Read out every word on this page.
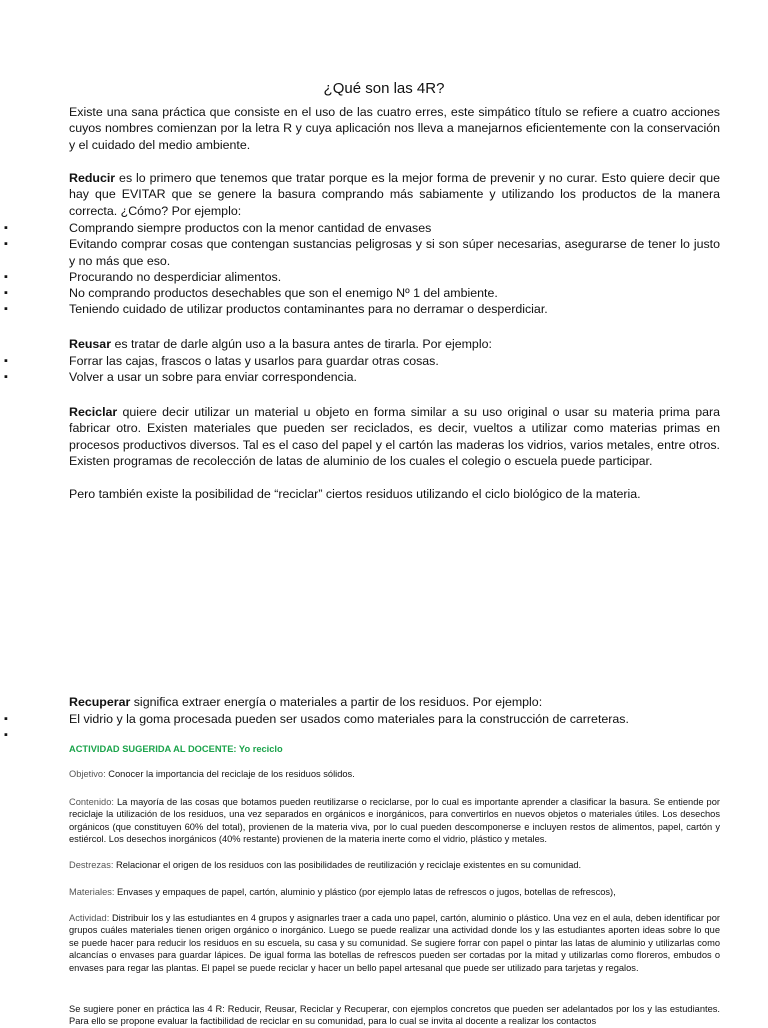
¿Qué son las 4R?

Existe una sana práctica que consiste en el uso de las cuatro erres, este simpático título se refiere a cuatro acciones cuyos nombres comienzan por la letra R y cuya aplicación nos lleva a manejarnos eficientemente con la conservación y el cuidado del medio ambiente.

Reducir es lo primero que tenemos que tratar porque es la mejor forma de prevenir y no curar. Esto quiere decir que hay que EVITAR que se genere la basura comprando más sabiamente y utilizando los productos de la manera correcta. ¿Cómo? Por ejemplo:

▪ Comprando siempre productos con la menor cantidad de envases
▪ Evitando comprar cosas que contengan sustancias peligrosas y si son súper necesarias, asegurarse de tener lo justo y no más que eso.
▪ Procurando no desperdiciar alimentos.
▪ No comprando productos desechables que son el enemigo Nº 1 del ambiente.
▪ Teniendo cuidado de utilizar productos contaminantes para no derramar o desperdiciar.

Reusar es tratar de darle algún uso a la basura antes de tirarla. Por ejemplo:

▪ Forrar las cajas, frascos o latas y usarlos para guardar otras cosas.
▪ Volver a usar un sobre para enviar correspondencia.

Reciclar quiere decir utilizar un material u objeto en forma similar a su uso original o usar su materia prima para fabricar otro. Existen materiales que pueden ser reciclados, es decir, vueltos a utilizar como materias primas en procesos productivos diversos. Tal es el caso del papel y el cartón las maderas los vidrios, varios metales, entre otros. Existen programas de recolección de latas de aluminio de los cuales el colegio o escuela puede participar.

Pero también existe la posibilidad de “reciclar” ciertos residuos utilizando el ciclo biológico de la materia.

Recuperar significa extraer energía o materiales a partir de los residuos. Por ejemplo:

▪ El vidrio y la goma procesada pueden ser usados como materiales para la construcción de carreteras.
▪

ACTIVIDAD SUGERIDA AL DOCENTE: Yo reciclo

Objetivo: Conocer la importancia del reciclaje de los residuos sólidos.

Contenido: La mayoría de las cosas que botamos pueden reutilizarse o reciclarse, por lo cual es importante aprender a clasificar la basura. Se entiende por reciclaje la utilización de los residuos, una vez separados en orgánicos e inorgánicos, para convertirlos en nuevos objetos o materiales útiles. Los desechos orgánicos (que constituyen 60% del total), provienen de la materia viva, por lo cual pueden descomponerse e incluyen restos de alimentos, papel, cartón y estiércol. Los desechos inorgánicos (40% restante) provienen de la materia inerte como el vidrio, plástico y metales.

Destrezas: Relacionar el origen de los residuos con las posibilidades de reutilización y reciclaje existentes en su comunidad.

Materiales: Envases y empaques de papel, cartón, aluminio y plástico (por ejemplo latas de refrescos o jugos, botellas de refrescos),

Actividad: Distribuir los y las estudiantes en 4 grupos y asignarles traer a cada uno papel, cartón, aluminio o plástico. Una vez en el aula, deben identificar por grupos cuáles materiales tienen origen orgánico o inorgánico. Luego se puede realizar una actividad donde los y las estudiantes aporten ideas sobre lo que se puede hacer para reducir los residuos en su escuela, su casa y su comunidad. Se sugiere forrar con papel o pintar las latas de aluminio y utilizarlas como alcancías o envases para guardar lápices. De igual forma las botellas de refrescos pueden ser cortadas por la mitad y utilizarlas como floreros, embudos o envases para regar las plantas. El papel se puede reciclar y hacer un bello papel artesanal que puede ser utilizado para tarjetas y regalos.

Se sugiere poner en práctica las 4 R: Reducir, Reusar, Reciclar y Recuperar, con ejemplos concretos que pueden ser adelantados por los y las estudiantes. Para ello se propone evaluar la factibilidad de reciclar en su comunidad, para lo cual se invita al docente a realizar los contactos
